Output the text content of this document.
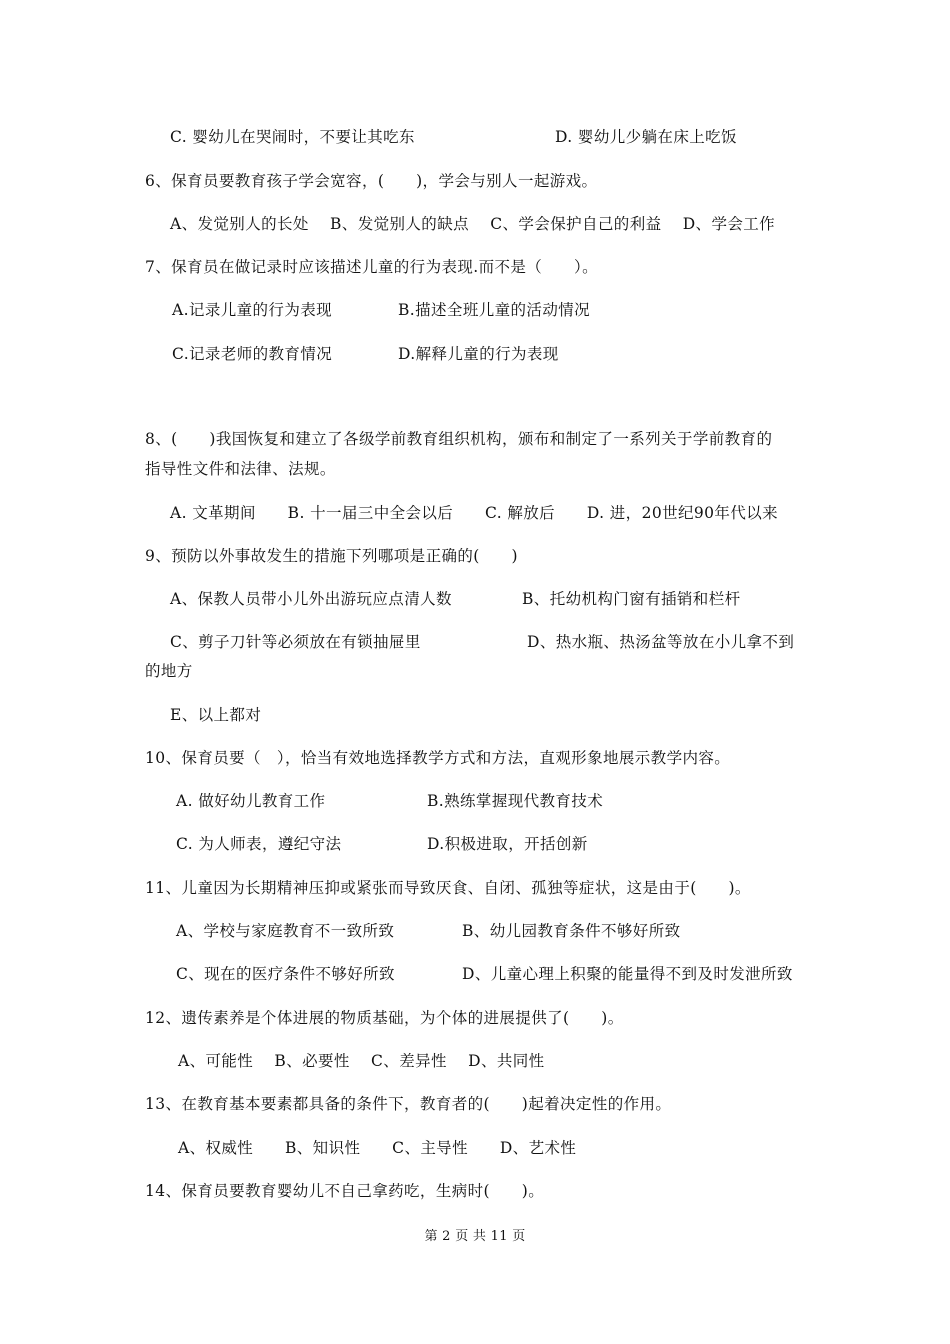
C. 婴幼儿在哭闹时，不要让其吃东	D. 婴幼儿少躺在床上吃饭
6、保育员要教育孩子学会宽容，(　　)，学会与别人一起游戏。
A、发觉别人的长处　 B、发觉别人的缺点　 C、学会保护自己的利益　 D、学会工作
7、保育员在做记录时应该描述儿童的行为表现.而不是（　　）。
A.记录儿童的行为表现	B.描述全班儿童的活动情况
C.记录老师的教育情况	D.解释儿童的行为表现
8、(　　)我国恢复和建立了各级学前教育组织机构，颁布和制定了一系列关于学前教育的
指导性文件和法律、法规。
A. 文革期间　　B. 十一届三中全会以后　　C. 解放后　　D. 进，20世纪90年代以来
9、预防以外事故发生的措施下列哪项是正确的(　　)
A、保教人员带小儿外出游玩应点清人数	B、托幼机构门窗有插销和栏杆
C、剪子刀针等必须放在有锁抽屉里	D、热水瓶、热汤盆等放在小儿拿不到
的地方
E、以上都对
10、保育员要（　），恰当有效地选择教学方式和方法，直观形象地展示教学内容。
A. 做好幼儿教育工作	B.熟练掌握现代教育技术
C. 为人师表，遵纪守法	D.积极进取，开括创新
11、儿童因为长期精神压抑或紧张而导致厌食、自闭、孤独等症状，这是由于(　　)。
A、学校与家庭教育不一致所致	B、幼儿园教育条件不够好所致
C、现在的医疗条件不够好所致	D、儿童心理上积聚的能量得不到及时发泄所致
12、遗传素养是个体进展的物质基础，为个体的进展提供了(　　)。
A、可能性　 B、必要性　 C、差异性　 D、共同性
13、在教育基本要素都具备的条件下，教育者的(　　)起着决定性的作用。
A、权威性　　B、知识性　　C、主导性　　D、艺术性
14、保育员要教育婴幼儿不自己拿药吃，生病时(　　)。
第 2 页 共 11 页
